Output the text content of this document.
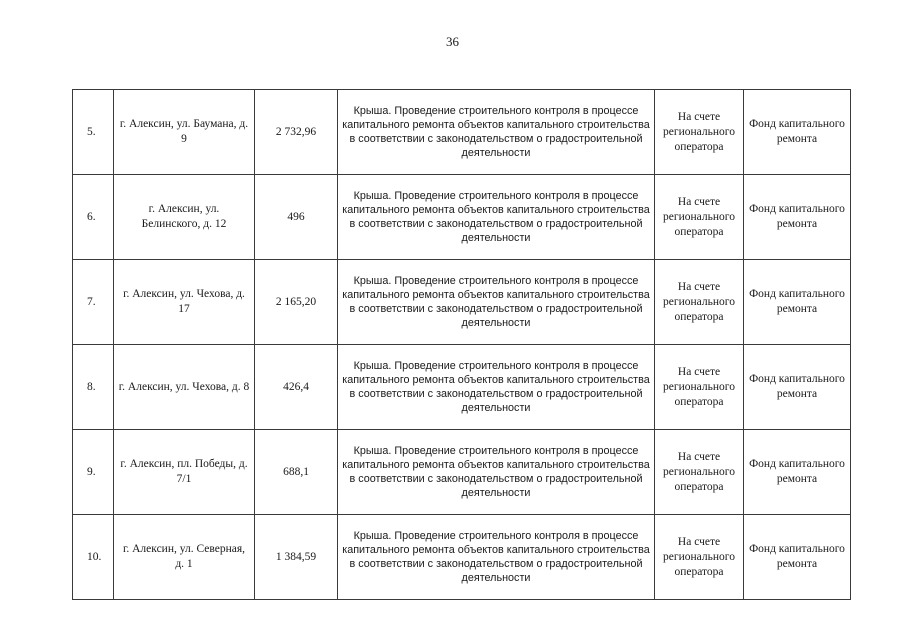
36
5.	г. Алексин, ул. Баумана, д. 9	2 732,96	Крыша. Проведение строительного контроля в процессе капитального ремонта объектов капитального строительства в соответствии с законодательством о градостроительной деятельности	На счете регионального оператора	Фонд капитального ремонта
6.	г. Алексин, ул. Белинского, д. 12	496	Крыша. Проведение строительного контроля в процессе капитального ремонта объектов капитального строительства в соответствии с законодательством о градостроительной деятельности	На счете регионального оператора	Фонд капитального ремонта
7.	г. Алексин, ул. Чехова, д. 17	2 165,20	Крыша. Проведение строительного контроля в процессе капитального ремонта объектов капитального строительства в соответствии с законодательством о градостроительной деятельности	На счете регионального оператора	Фонд капитального ремонта
8.	г. Алексин, ул. Чехова, д. 8	426,4	Крыша. Проведение строительного контроля в процессе капитального ремонта объектов капитального строительства в соответствии с законодательством о градостроительной деятельности	На счете регионального оператора	Фонд капитального ремонта
9.	г. Алексин, пл. Победы, д. 7/1	688,1	Крыша. Проведение строительного контроля в процессе капитального ремонта объектов капитального строительства в соответствии с законодательством о градостроительной деятельности	На счете регионального оператора	Фонд капитального ремонта
10.	г. Алексин, ул. Северная, д. 1	1 384,59	Крыша. Проведение строительного контроля в процессе капитального ремонта объектов капитального строительства в соответствии с законодательством о градостроительной деятельности	На счете регионального оператора	Фонд капитального ремонта
